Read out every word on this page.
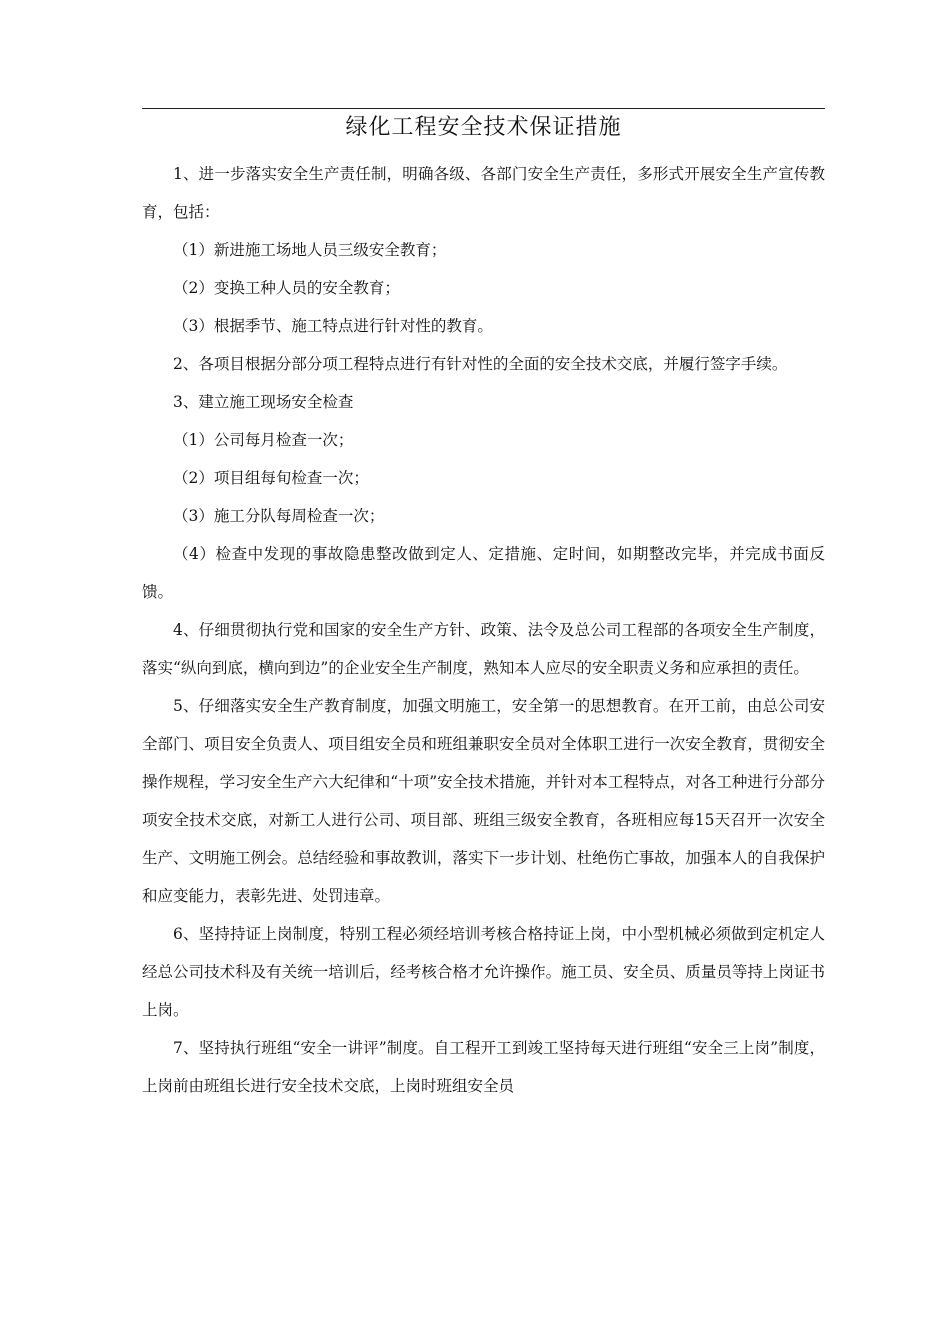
绿化工程安全技术保证措施

1、进一步落实安全生产责任制，明确各级、各部门安全生产责任，多形式开展安全生产宣传教育，包括：

（1）新进施工场地人员三级安全教育；

（2）变换工种人员的安全教育；

（3）根据季节、施工特点进行针对性的教育。

2、各项目根据分部分项工程特点进行有针对性的全面的安全技术交底，并履行签字手续。

3、建立施工现场安全检查

（1）公司每月检查一次；

（2）项目组每旬检查一次；

（3）施工分队每周检查一次；

（4）检查中发现的事故隐患整改做到定人、定措施、定时间，如期整改完毕，并完成书面反馈。

4、仔细贯彻执行党和国家的安全生产方针、政策、法令及总公司工程部的各项安全生产制度，落实“纵向到底，横向到边”的企业安全生产制度，熟知本人应尽的安全职责义务和应承担的责任。

5、仔细落实安全生产教育制度，加强文明施工，安全第一的思想教育。在开工前，由总公司安全部门、项目安全负责人、项目组安全员和班组兼职安全员对全体职工进行一次安全教育，贯彻安全操作规程，学习安全生产六大纪律和“十项”安全技术措施，并针对本工程特点，对各工种进行分部分项安全技术交底，对新工人进行公司、项目部、班组三级安全教育，各班相应每15天召开一次安全生产、文明施工例会。总结经验和事故教训，落实下一步计划、杜绝伤亡事故，加强本人的自我保护和应变能力，表彰先进、处罚违章。

6、坚持持证上岗制度，特别工程必须经培训考核合格持证上岗，中小型机械必须做到定机定人经总公司技术科及有关统一培训后，经考核合格才允许操作。施工员、安全员、质量员等持上岗证书上岗。

7、坚持执行班组“安全一讲评”制度。自工程开工到竣工坚持每天进行班组“安全三上岗”制度，上岗前由班组长进行安全技术交底，上岗时班组安全员
